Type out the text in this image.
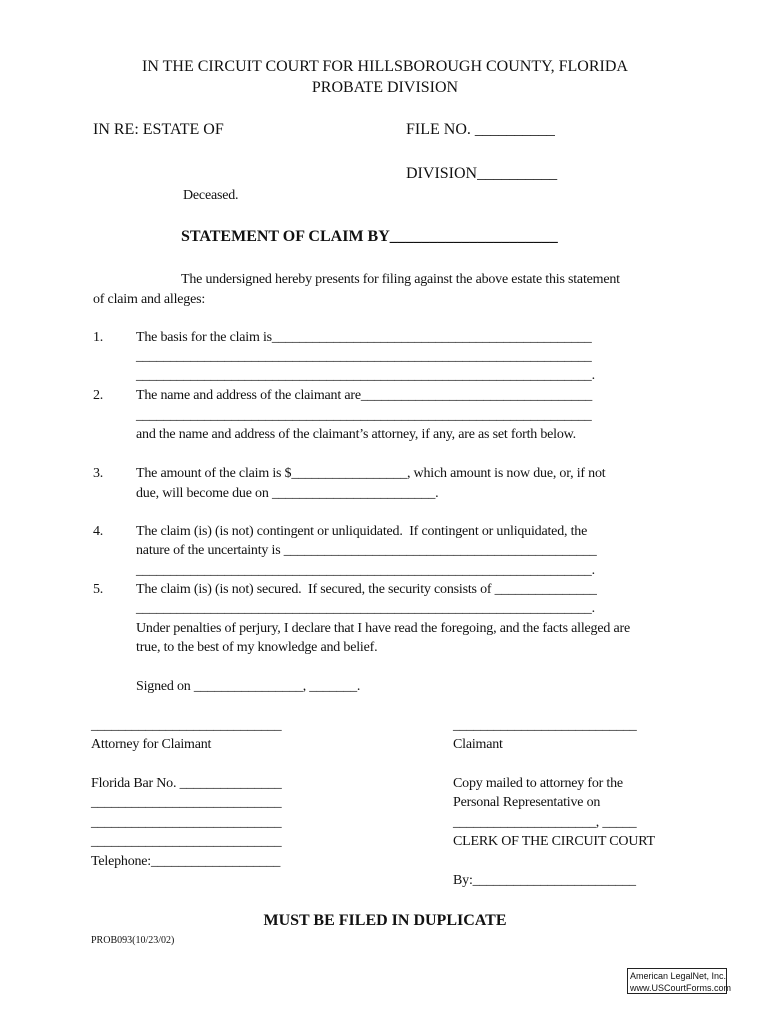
IN THE CIRCUIT COURT FOR HILLSBOROUGH COUNTY, FLORIDA
PROBATE DIVISION
IN RE: ESTATE OF	FILE NO. __________
DIVISION__________
Deceased.
STATEMENT OF CLAIM BY_____________________
The undersigned hereby presents for filing against the above estate this statement
of claim and alleges:
1. The basis for the claim is_______________________________________________
___________________________________________________________________
___________________________________________________________________.
2. The name and address of the claimant are__________________________________
___________________________________________________________________
and the name and address of the claimant’s attorney, if any, are as set forth below.
3. The amount of the claim is $_________________, which amount is now due, or, if not
due, will become due on ________________________.
4. The claim (is) (is not) contingent or unliquidated.  If contingent or unliquidated, the
nature of the uncertainty is ______________________________________________
___________________________________________________________________.
5. The claim (is) (is not) secured.  If secured, the security consists of _______________
___________________________________________________________________.
Under penalties of perjury, I declare that I have read the foregoing, and the facts alleged are
true, to the best of my knowledge and belief.
Signed on ________________, _______.
____________________________
Attorney for Claimant
Florida Bar No. _______________
____________________________
____________________________
____________________________
Telephone:___________________
___________________________
Claimant
Copy mailed to attorney for the
Personal Representative on
_____________________, _____
CLERK OF THE CIRCUIT COURT
By:________________________
MUST BE FILED IN DUPLICATE
PROB093(10/23/02)
American LegalNet, Inc.
www.USCourtForms.com
